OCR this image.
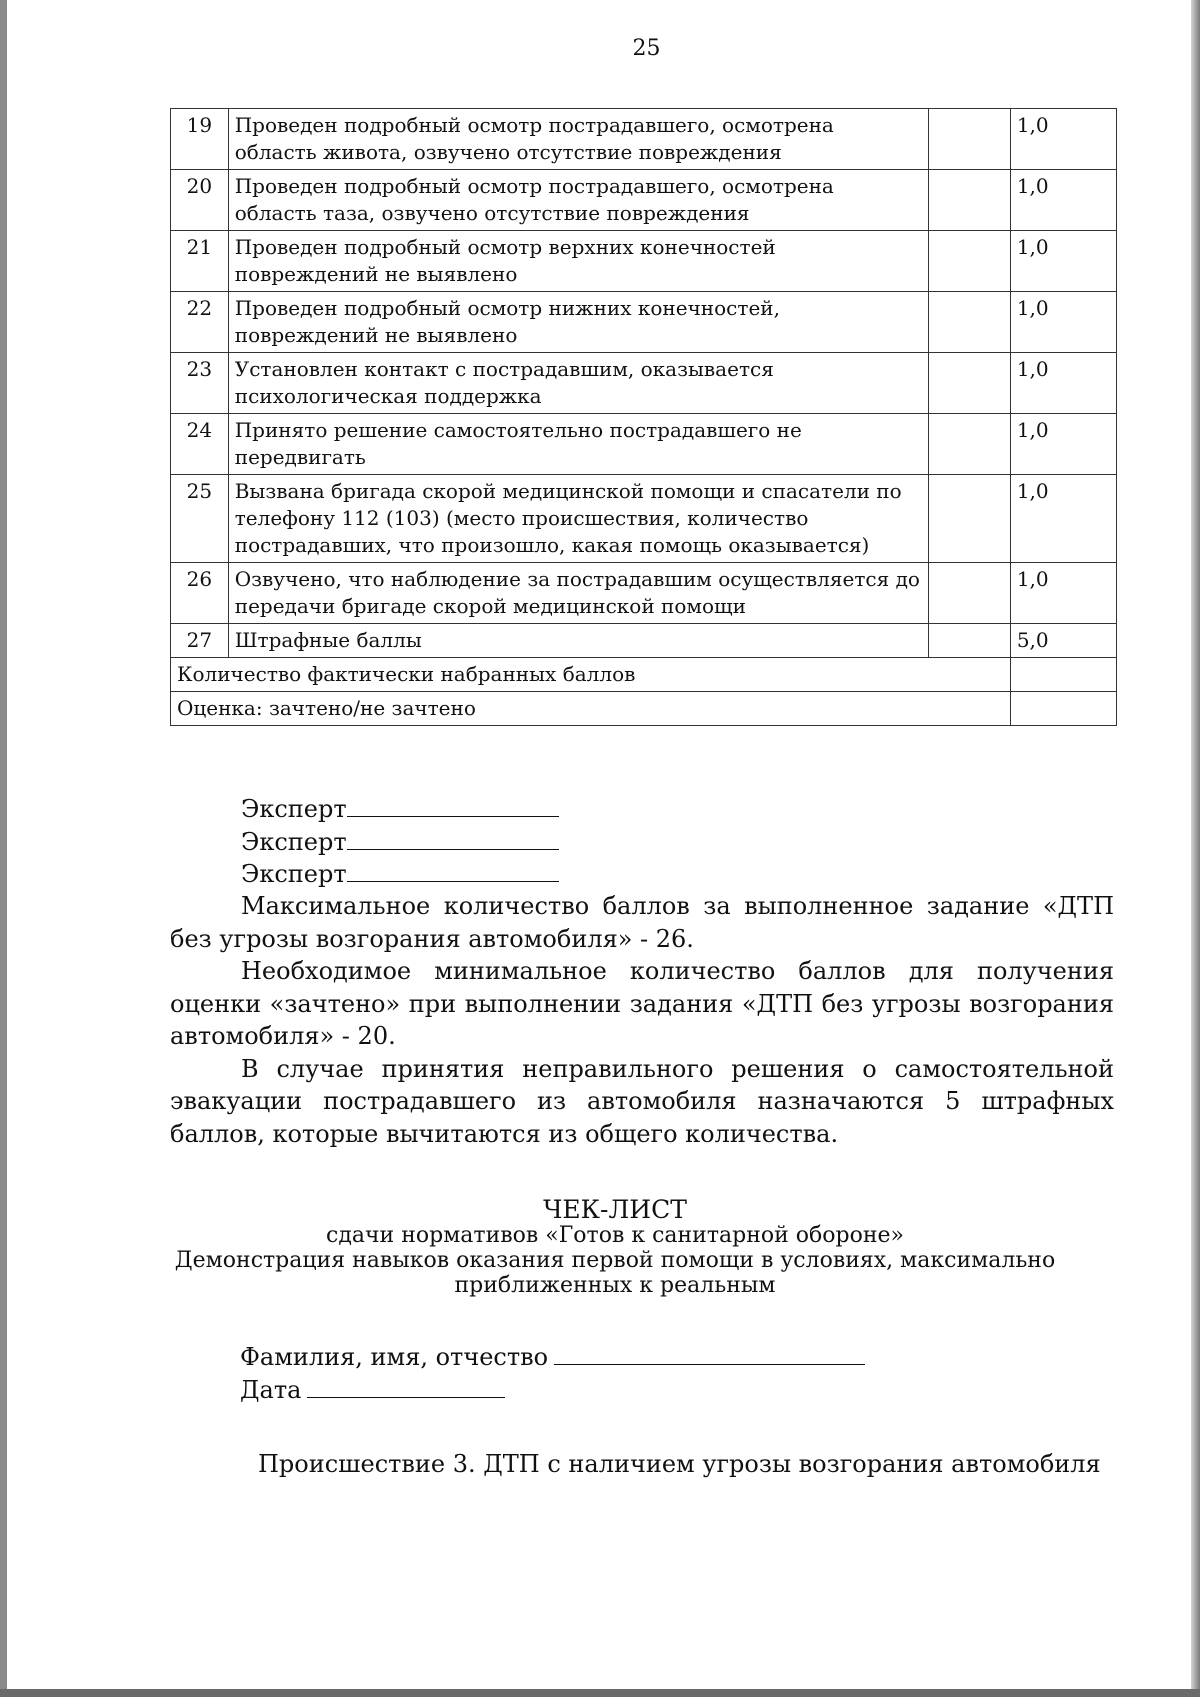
25
19	Проведен подробный осмотр пострадавшего, осмотрена область живота, озвучено отсутствие повреждения		1,0
20	Проведен подробный осмотр пострадавшего, осмотрена область таза, озвучено отсутствие повреждения		1,0
21	Проведен подробный осмотр верхних конечностей повреждений не выявлено		1,0
22	Проведен подробный осмотр нижних конечностей, повреждений не выявлено		1,0
23	Установлен контакт с пострадавшим, оказывается психологическая поддержка		1,0
24	Принято решение самостоятельно пострадавшего не передвигать		1,0
25	Вызвана бригада скорой медицинской помощи и спасатели по телефону 112 (103) (место происшествия, количество пострадавших, что произошло, какая помощь оказывается)		1,0
26	Озвучено, что наблюдение за пострадавшим осуществляется до передачи бригаде скорой медицинской помощи		1,0
27	Штрафные баллы		5,0
Количество фактически набранных баллов			
Оценка: зачтено/не зачтено			
Эксперт
Эксперт
Эксперт

Максимальное количество баллов за выполненное задание «ДТП без угрозы возгорания автомобиля» - 26.

Необходимое минимальное количество баллов для получения оценки «зачтено» при выполнении задания «ДТП без угрозы возгорания автомобиля» - 20.

В случае принятия неправильного решения о самостоятельной эвакуации пострадавшего из автомобиля назначаются 5 штрафных баллов, которые вычитаются из общего количества.

ЧЕК-ЛИСТ
сдачи нормативов «Готов к санитарной обороне»
Демонстрация навыков оказания первой помощи в условиях, максимально
приближенных к реальным
Фамилия, имя, отчество
Дата
Происшествие 3. ДТП с наличием угрозы возгорания автомобиля
